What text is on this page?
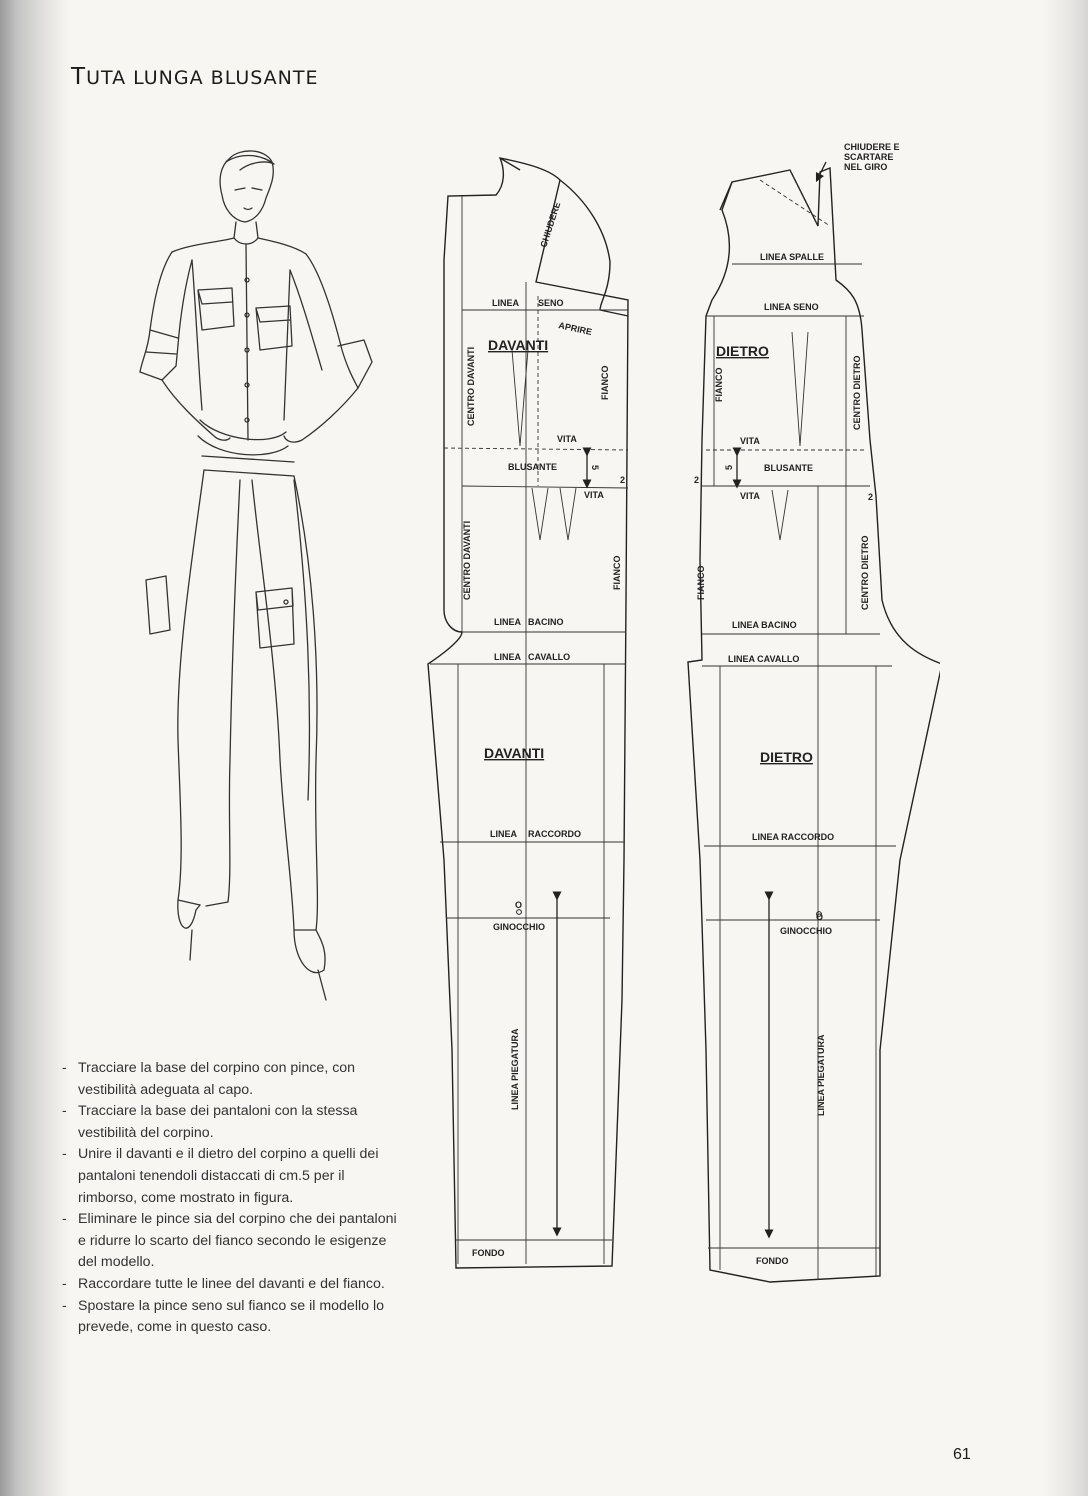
TUTA LUNGA BLUSANTE
CHIUDERE
LINEA SENO
APRIRE
DAVANTI
CENTRO DAVANTI	FIANCO
VITA
BLUSANTE	5
2
VITA
CENTRO DAVANTI	FIANCO
LINEA BACINO
LINEA CAVALLO
DAVANTI
LINEA RACCORDO
O
GINOCCHIO
LINEA PIEGATURA
FONDO
CHIUDERE E
SCARTARE
NEL GIRO
LINEA SPALLE
LINEA SENO
DIETRO
FIANCO	CENTRO DIETRO
VITA
5	BLUSANTE
2
VITA	2
FIANCO	CENTRO DIETRO
LINEA BACINO
LINEA CAVALLO
DIETRO
LINEA RACCORDO
O
GINOCCHIO
LINEA PIEGATURA
FONDO
- Tracciare la base del corpino con pince, con vestibilità adeguata al capo.
- Tracciare la base dei pantaloni con la stessa vestibilità del corpino.
- Unire il davanti e il dietro del corpino a quelli dei pantaloni tenendoli distaccati di cm.5 per il rimborso, come mostrato in figura.
- Eliminare le pince sia del corpino che dei pantaloni e ridurre lo scarto del fianco secondo le esigenze del modello.
- Raccordare tutte le linee del davanti e del fianco.
- Spostare la pince seno sul fianco se il modello lo prevede, come in questo caso.
61
